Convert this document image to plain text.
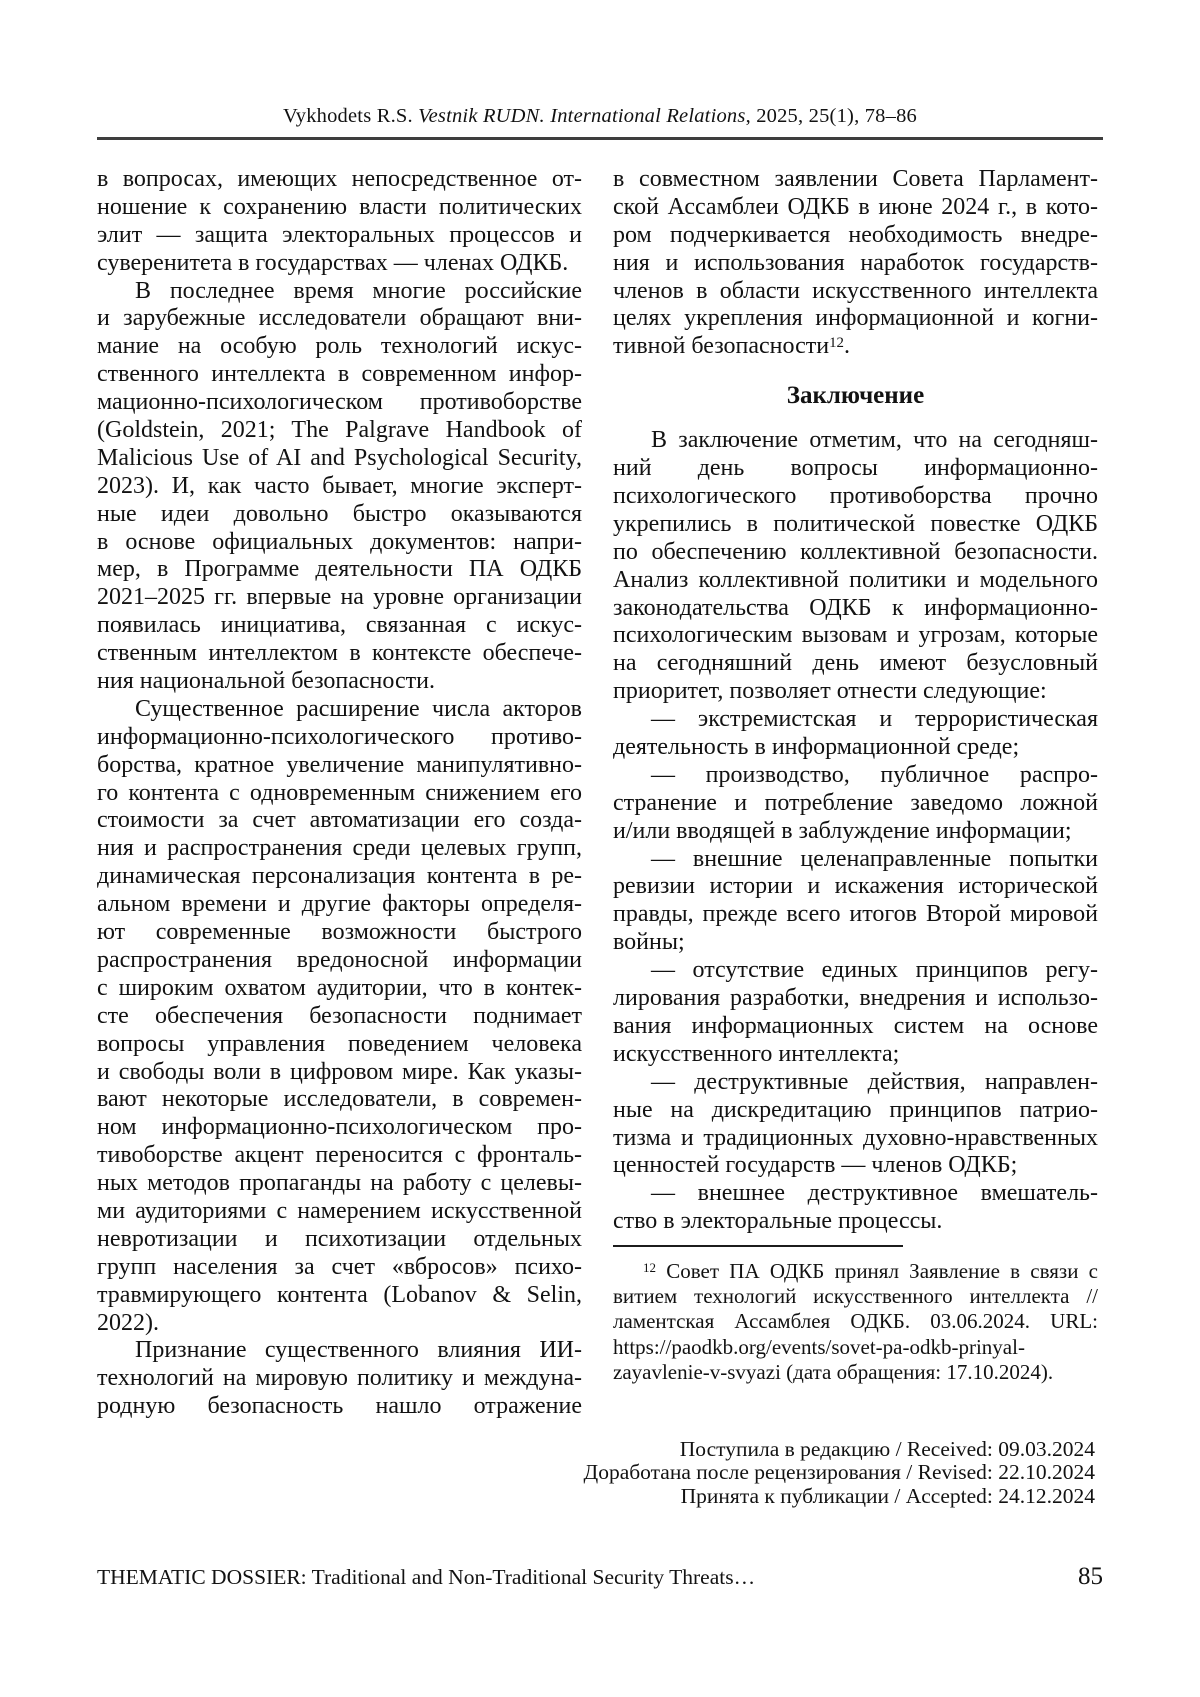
Vykhodets R.S. Vestnik RUDN. International Relations, 2025, 25(1), 78–86
в вопросах, имеющих непосредственное от-
ношение к сохранению власти политических
элит — защита электоральных процессов и
суверенитета в государствах — членах ОДКБ.
В последнее время многие российские
и зарубежные исследователи обращают вни-
мание на особую роль технологий искус-
ственного интеллекта в современном инфор-
мационно-психологическом противоборстве
(Goldstein, 2021; The Palgrave Handbook of
Malicious Use of AI and Psychological Security,
2023). И, как часто бывает, многие эксперт-
ные идеи довольно быстро оказываются
в основе официальных документов: напри-
мер, в Программе деятельности ПА ОДКБ
2021–2025 гг. впервые на уровне организации
появилась инициатива, связанная с искус-
ственным интеллектом в контексте обеспече-
ния национальной безопасности.
Существенное расширение числа акторов
информационно-психологического противо-
борства, кратное увеличение манипулятивно-
го контента с одновременным снижением его
стоимости за счет автоматизации его созда-
ния и распространения среди целевых групп,
динамическая персонализация контента в ре-
альном времени и другие факторы определя-
ют современные возможности быстрого
распространения вредоносной информации
с широким охватом аудитории, что в контек-
сте обеспечения безопасности поднимает
вопросы управления поведением человека
и свободы воли в цифровом мире. Как указы-
вают некоторые исследователи, в современ-
ном информационно-психологическом про-
тивоборстве акцент переносится с фронталь-
ных методов пропаганды на работу с целевы-
ми аудиториями с намерением искусственной
невротизации и психотизации отдельных
групп населения за счет «вбросов» психо-
травмирующего контента (Lobanov & Selin,
2022).
Признание существенного влияния ИИ-
технологий на мировую политику и междуна-
родную безопасность нашло отражение
в совместном заявлении Совета Парламент-
ской Ассамблеи ОДКБ в июне 2024 г., в кото-
ром подчеркивается необходимость внедре-
ния и использования наработок государств-
членов в области искусственного интеллекта
целях укрепления информационной и когни-
тивной безопасности$^{12}$.
Заключение
В заключение отметим, что на сегодняш-
ний день вопросы информационно-
психологического противоборства прочно
укрепились в политической повестке ОДКБ
по обеспечению коллективной безопасности.
Анализ коллективной политики и модельного
законодательства ОДКБ к информационно-
психологическим вызовам и угрозам, которые
на сегодняшний день имеют безусловный
приоритет, позволяет отнести следующие:
— экстремистская и террористическая
деятельность в информационной среде;
— производство, публичное распро-
странение и потребление заведомо ложной
и/или вводящей в заблуждение информации;
— внешние целенаправленные попытки
ревизии истории и искажения исторической
правды, прежде всего итогов Второй мировой
войны;
— отсутствие единых принципов регу-
лирования разработки, внедрения и использо-
вания информационных систем на основе
искусственного интеллекта;
— деструктивные действия, направлен-
ные на дискредитацию принципов патрио-
тизма и традиционных духовно-нравственных
ценностей государств — членов ОДКБ;
— внешнее деструктивное вмешатель-
ство в электоральные процессы.
$^{12}$ Совет ПА ОДКБ принял Заявление в связи с
витием технологий искусственного интеллекта //
ламентская Ассамблея ОДКБ. 03.06.2024. URL:
https://paodkb.org/events/sovet-pa-odkb-prinyal-
zayavlenie-v-svyazi (дата обращения: 17.10.2024).
Поступила в редакцию / Received: 09.03.2024
Доработана после рецензирования / Revised: 22.10.2024
Принята к публикации / Accepted: 24.12.2024
THEMATIC DOSSIER: Traditional and Non-Traditional Security Threats…	85
